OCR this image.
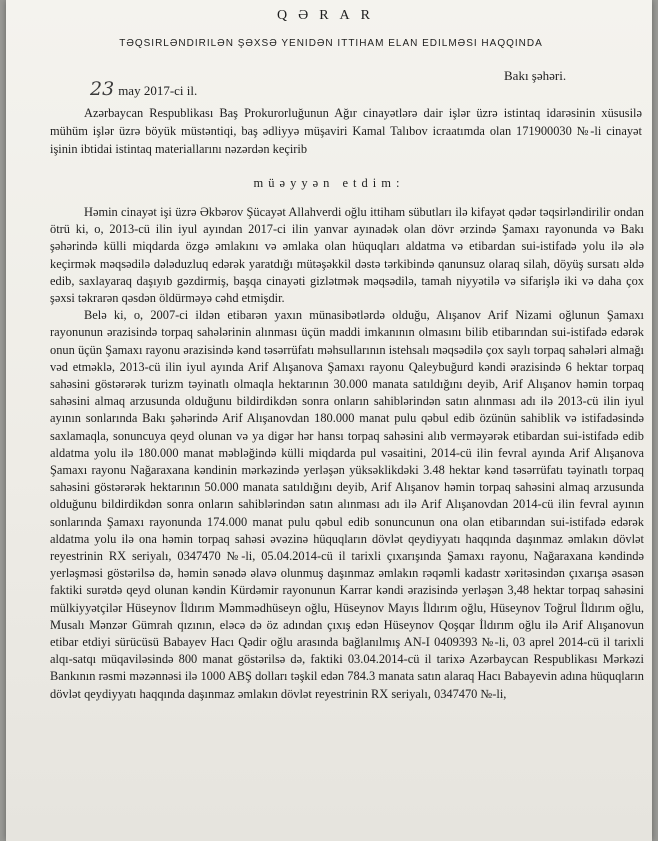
QƏRAR
TƏQSIRLƏNDIRILƏN ŞƏXSƏ YENIDƏN ITTIHAM ELAN EDILMƏSI HAQQINDA
23 may 2017-ci il.
Bakı şəhəri.
Azərbaycan Respublikası Baş Prokurorluğunun Ağır cinayətlərə dair işlər üzrə istintaq idarəsinin xüsusilə mühüm işlər üzrə böyük müstəntiqi, baş ədliyyə müşaviri Kamal Talıbov icraatımda olan 171900030 №-li cinayət işinin ibtidai istintaq materiallarını nəzərdən keçirib
müəyyən etdim:

Həmin cinayət işi üzrə Əkbərov Şücayət Allahverdi oğlu ittiham sübutları ilə kifayət qədər təqsirləndirilir ondan ötrü ki, o, 2013-cü ilin iyul ayından 2017-ci ilin yanvar ayınadək olan dövr ərzində Şamaxı rayonunda və Bakı şəhərində külli miqdarda özgə əmlakını və əmlaka olan hüquqları aldatma və etibardan sui-istifadə yolu ilə ələ keçirmək məqsədilə dələduzluq edərək yaratdığı mütəşəkkil dəstə tərkibində qanunsuz olaraq silah, döyüş sursatı əldə edib, saxlayaraq daşıyıb gəzdirmiş, başqa cinayəti gizlətmək məqsədilə, tamah niyyətilə və sifarişlə iki və daha çox şəxsi təkrarən qəsdən öldürməyə cəhd etmişdir.

Belə ki, o, 2007-ci ildən etibarən yaxın münasibətlərdə olduğu, Alışanov Arif Nizami oğlunun Şamaxı rayonunun ərazisində torpaq sahələrinin alınması üçün maddi imkanının olmasını bilib etibarından sui-istifadə edərək onun üçün Şamaxı rayonu ərazisində kənd təsərrüfatı məhsullarının istehsalı məqsədilə çox saylı torpaq sahələri almağı vəd etməklə, 2013-cü ilin iyul ayında Arif Alışanova Şamaxı rayonu Qaleybuğurd kəndi ərazisində 6 hektar torpaq sahəsini göstərərək turizm təyinatlı olmaqla hektarının 30.000 manata satıldığını deyib, Arif Alışanov həmin torpaq sahəsini almaq arzusunda olduğunu bildirdikdən sonra onların sahiblərindən satın alınması adı ilə 2013-cü ilin iyul ayının sonlarında Bakı şəhərində Arif Alışanovdan 180.000 manat pulu qəbul edib özünün sahiblik və istifadəsində saxlamaqla, sonuncuya qeyd olunan və ya digər hər hansı torpaq sahəsini alıb verməyərək etibardan sui-istifadə edib aldatma yolu ilə 180.000 manat məbləğində külli miqdarda pul vəsaitini, 2014-cü ilin fevral ayında Arif Alışanova Şamaxı rayonu Nağaraxana kəndinin mərkəzində yerləşən yüksəklikdəki 3.48 hektar kənd təsərrüfatı təyinatlı torpaq sahəsini göstərərək hektarının 50.000 manata satıldığını deyib, Arif Alışanov həmin torpaq sahəsini almaq arzusunda olduğunu bildirdikdən sonra onların sahiblərindən satın alınması adı ilə Arif Alışanovdan 2014-cü ilin fevral ayının sonlarında Şamaxı rayonunda 174.000 manat pulu qəbul edib sonuncunun ona olan etibarından sui-istifadə edərək aldatma yolu ilə ona həmin torpaq sahəsi əvəzinə hüquqların dövlət qeydiyyatı haqqında daşınmaz əmlakın dövlət reyestrinin RX seriyalı, 0347470 №-li, 05.04.2014-cü il tarixli çıxarışında Şamaxı rayonu, Nağaraxana kəndində yerləşməsi göstərilsə də, həmin sənədə əlavə olunmuş daşınmaz əmlakın rəqəmli kadastr xəritəsindən çıxarışa əsasən faktiki surətdə qeyd olunan kəndin Kürdəmir rayonunun Karrar kəndi ərazisində yerləşən 3,48 hektar torpaq sahəsini mülkiyyətçilər Hüseynov İldırım Məmmədhüseyn oğlu, Hüseynov Mayıs İldırım oğlu, Hüseynov Toğrul İldırım oğlu, Musalı Mənzər Gümrah qızının, eləcə də öz adından çıxış edən Hüseynov Qoşqar İldırım oğlu ilə Arif Alışanovun etibar etdiyi sürücüsü Babayev Hacı Qədir oğlu arasında bağlanılmış AN-I 0409393 №-li, 03 aprel 2014-cü il tarixli alqı-satqı müqaviləsində 800 manat göstərilsə də, faktiki 03.04.2014-cü il tarixə Azərbaycan Respublikası Mərkəzi Bankının rəsmi məzənnəsi ilə 1000 ABŞ dolları təşkil edən 784.3 manata satın alaraq Hacı Babayevin adına hüquqların dövlət qeydiyyatı haqqında daşınmaz əmlakın dövlət reyestrinin RX seriyalı, 0347470 №-li,
